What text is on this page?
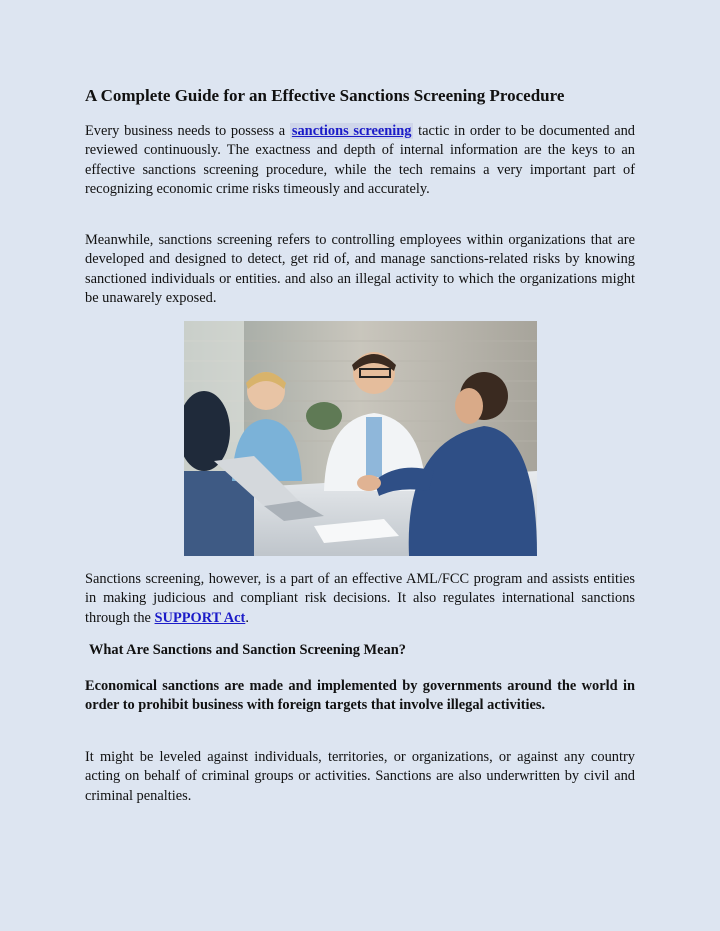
A Complete Guide for an Effective Sanctions Screening Procedure

Every business needs to possess a sanctions screening tactic in order to be documented and reviewed continuously. The exactness and depth of internal information are the keys to an effective sanctions screening procedure, while the tech remains a very important part of recognizing economic crime risks timeously and accurately.

Meanwhile, sanctions screening refers to controlling employees within organizations that are developed and designed to detect, get rid of, and manage sanctions-related risks by knowing sanctioned individuals or entities. and also an illegal activity to which the organizations might be unawarely exposed.

Sanctions screening, however, is a part of an effective AML/FCC program and assists entities in making judicious and compliant risk decisions. It also regulates international sanctions through the SUPPORT Act.

What Are Sanctions and Sanction Screening Mean?

Economical sanctions are made and implemented by governments around the world in order to prohibit business with foreign targets that involve illegal activities.

It might be leveled against individuals, territories, or organizations, or against any country acting on behalf of criminal groups or activities. Sanctions are also underwritten by civil and criminal penalties.
